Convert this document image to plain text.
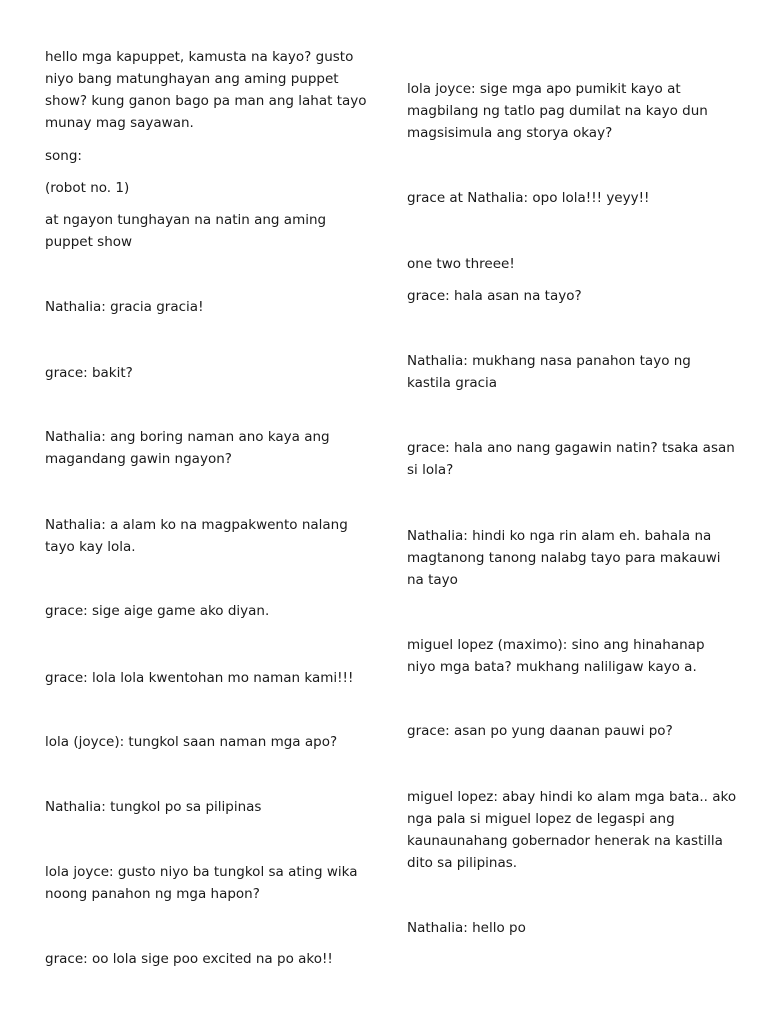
hello mga kapuppet, kamusta na kayo? gusto niyo bang matunghayan ang aming puppet show? kung ganon bago pa man ang lahat tayo munay mag sayawan.

song:

(robot no. 1)

at ngayon tunghayan na natin ang aming puppet show

Nathalia: gracia gracia!

grace: bakit?

Nathalia: ang boring naman ano kaya ang magandang gawin ngayon?

Nathalia: a alam ko na magpakwento nalang tayo kay lola.

grace: sige aige game ako diyan.

grace: lola lola kwentohan mo naman kami!!!

lola (joyce): tungkol saan naman mga apo?

Nathalia: tungkol po sa pilipinas

lola joyce: gusto niyo ba tungkol sa ating wika noong panahon ng mga hapon?

grace: oo lola sige poo excited na po ako!!

lola joyce: sige mga apo pumikit kayo at magbilang ng tatlo pag dumilat na kayo dun magsisimula ang storya okay?

grace at Nathalia: opo lola!!! yeyy!!

one two threee!

grace: hala asan na tayo?

Nathalia: mukhang nasa panahon tayo ng kastila gracia

grace: hala ano nang gagawin natin? tsaka asan si lola?

Nathalia: hindi ko nga rin alam eh. bahala na magtanong tanong nalabg tayo para makauwi na tayo

miguel lopez (maximo): sino ang hinahanap niyo mga bata? mukhang naliligaw kayo a.

grace: asan po yung daanan pauwi po?

miguel lopez: abay hindi ko alam mga bata.. ako nga pala si miguel lopez de legaspi ang kaunaunahang gobernador henerak na kastilla dito sa pilipinas.

Nathalia: hello po
